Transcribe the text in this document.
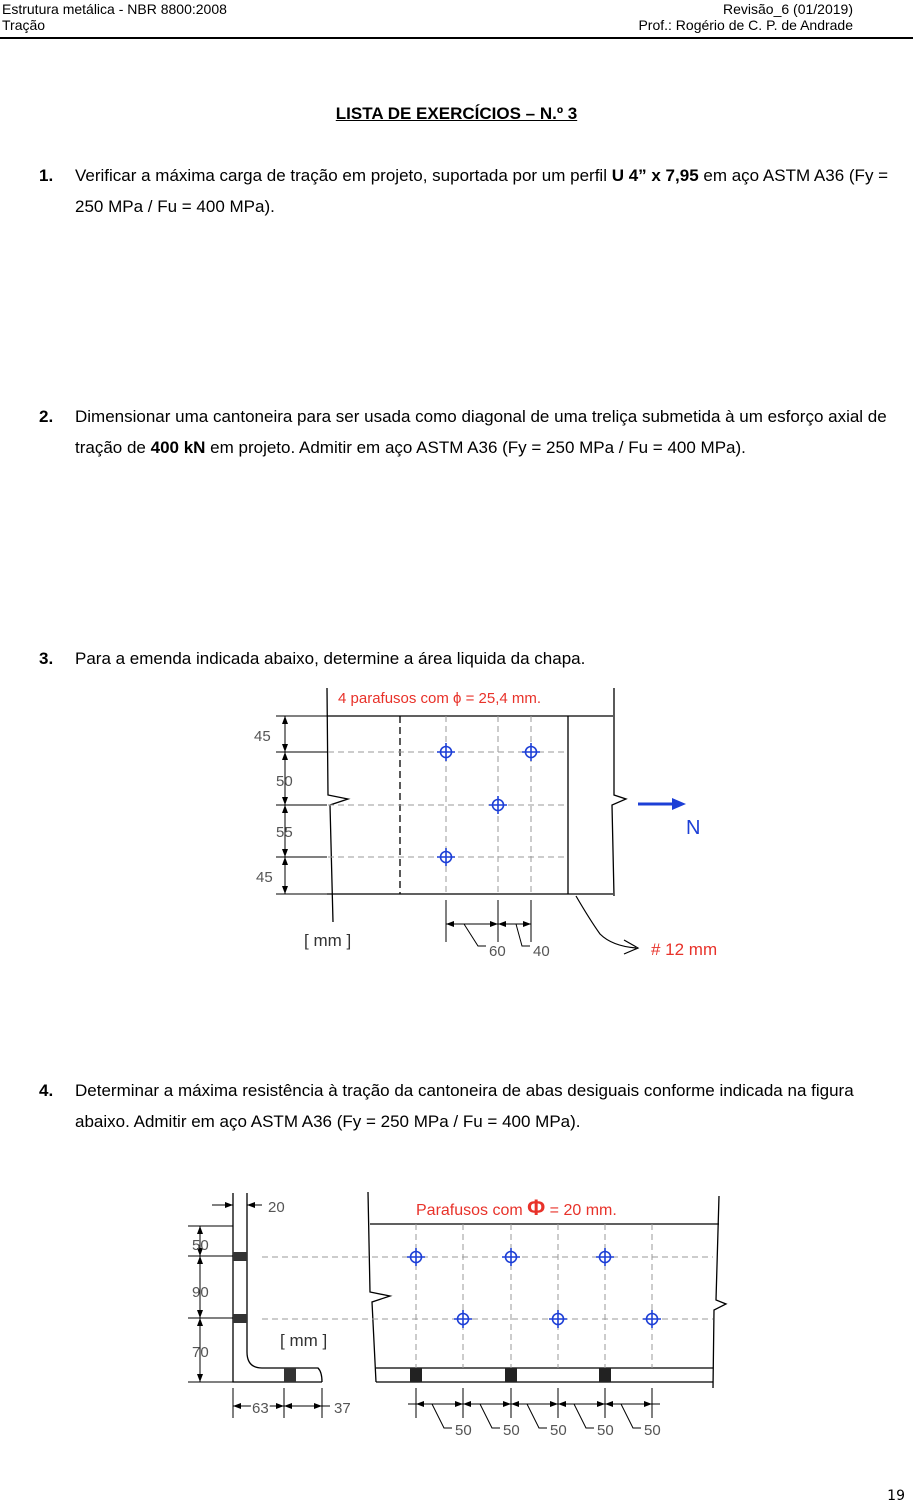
Estrutura metálica - NBR 8800:2008
Tração
Revisão_6 (01/2019)
Prof.: Rogério de C. P. de Andrade
LISTA DE EXERCÍCIOS – N.º 3
1. Verificar a máxima carga de tração em projeto, suportada por um perfil U 4” x 7,95 em aço ASTM A36 (Fy = 250 MPa / Fu = 400 MPa).
2. Dimensionar uma cantoneira para ser usada como diagonal de uma treliça submetida à um esforço axial de tração de 400 kN em projeto. Admitir em aço ASTM A36 (Fy = 250 MPa / Fu = 400 MPa).
3. Para a emenda indicada abaixo, determine a área liquida da chapa.
45
50
55
45
60 40
[ mm ]
4 parafusos com ϕ = 25,4 mm.
N
# 12 mm
4. Determinar a máxima resistência à tração da cantoneira de abas desiguais conforme indicada na figura abaixo. Admitir em aço ASTM A36 (Fy = 250 MPa / Fu = 400 MPa).
20
50
90
70
[ mm ]
63	37
Parafusos com Φ = 20 mm.
50 50 50 50 50
19
